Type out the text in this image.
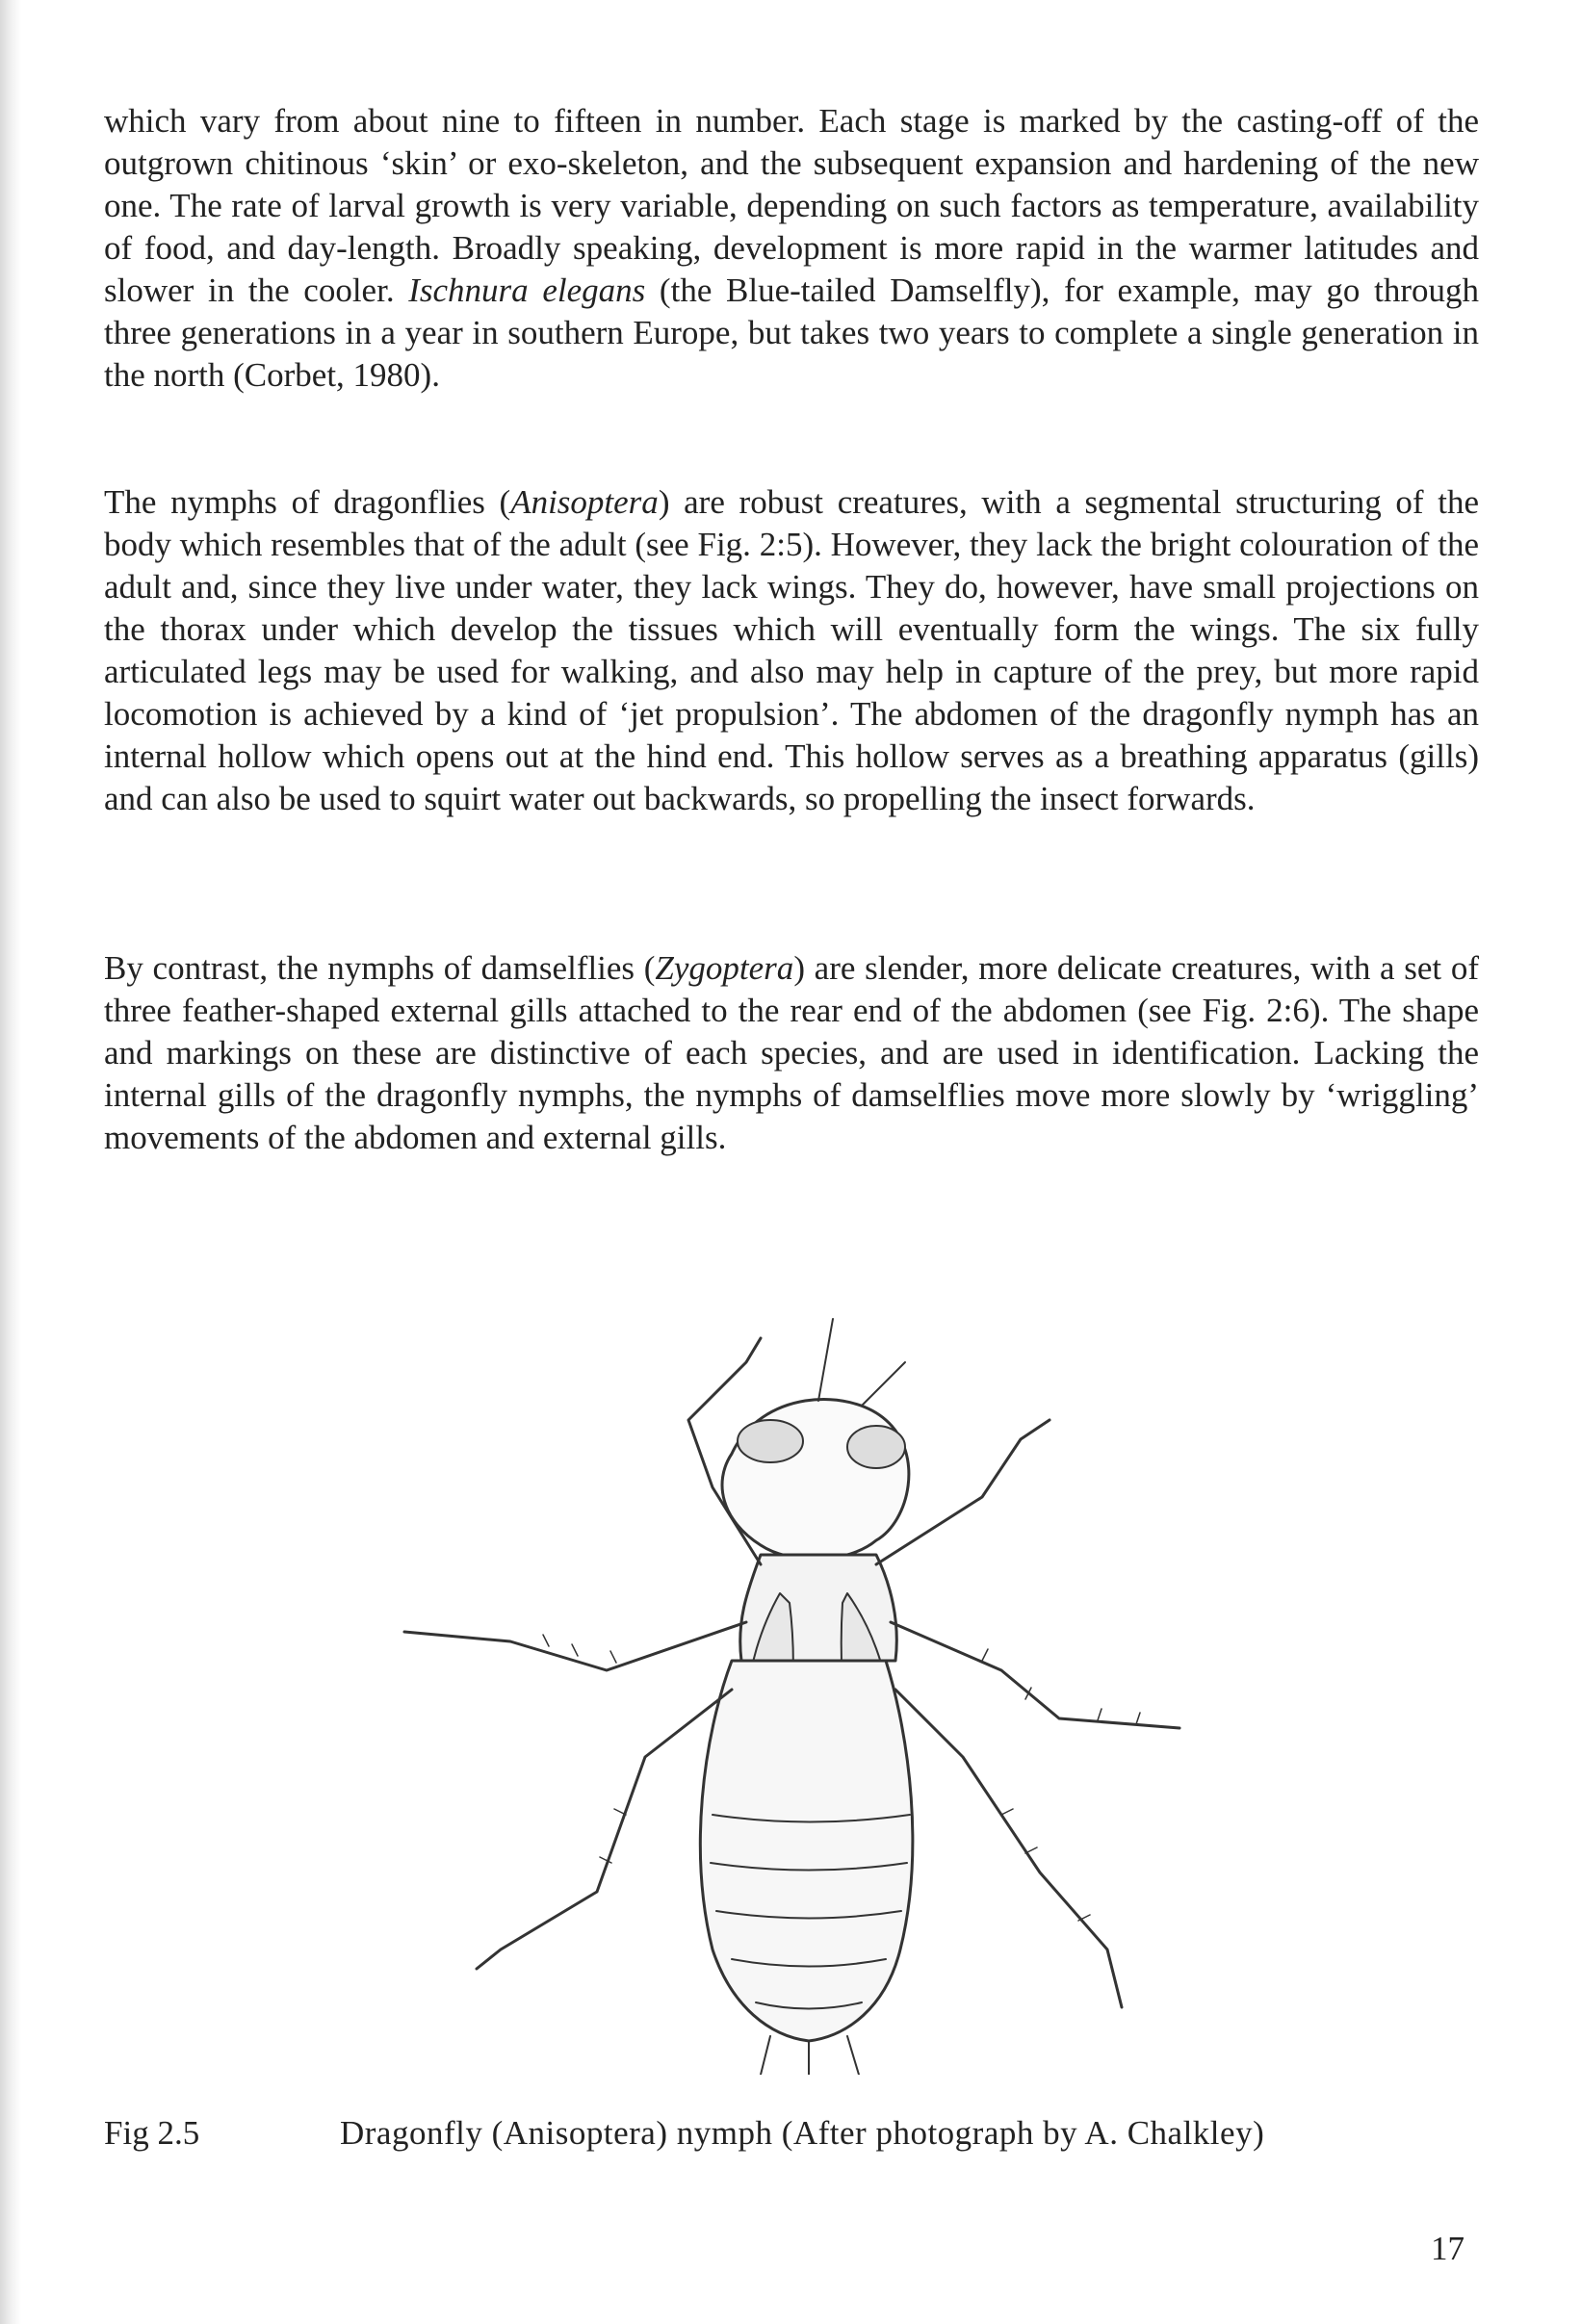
which vary from about nine to fifteen in number. Each stage is marked by the casting-off of the outgrown chitinous ‘skin’ or exo-skeleton, and the subsequent expansion and hardening of the new one. The rate of larval growth is very variable, depending on such factors as temperature, availability of food, and day-length. Broadly speaking, development is more rapid in the warmer latitudes and slower in the cooler. Ischnura elegans (the Blue-tailed Damselfly), for example, may go through three generations in a year in southern Europe, but takes two years to complete a single generation in the north (Corbet, 1980).

The nymphs of dragonflies (Anisoptera) are robust creatures, with a segmental structuring of the body which resembles that of the adult (see Fig. 2:5). However, they lack the bright colouration of the adult and, since they live under water, they lack wings. They do, however, have small projections on the thorax under which develop the tissues which will eventually form the wings. The six fully articulated legs may be used for walking, and also may help in capture of the prey, but more rapid locomotion is achieved by a kind of ‘jet propulsion’. The abdomen of the dragonfly nymph has an internal hollow which opens out at the hind end. This hollow serves as a breathing apparatus (gills) and can also be used to squirt water out backwards, so propelling the insect forwards.

By contrast, the nymphs of damselflies (Zygoptera) are slender, more delicate creatures, with a set of three feather-shaped external gills attached to the rear end of the abdomen (see Fig. 2:6). The shape and markings on these are distinctive of each species, and are used in identification. Lacking the internal gills of the dragonfly nymphs, the nymphs of damselflies move more slowly by ‘wriggling’ movements of the abdomen and external gills.

Fig 2.5	Dragonfly (Anisoptera) nymph (After photograph by A. Chalkley)
17
